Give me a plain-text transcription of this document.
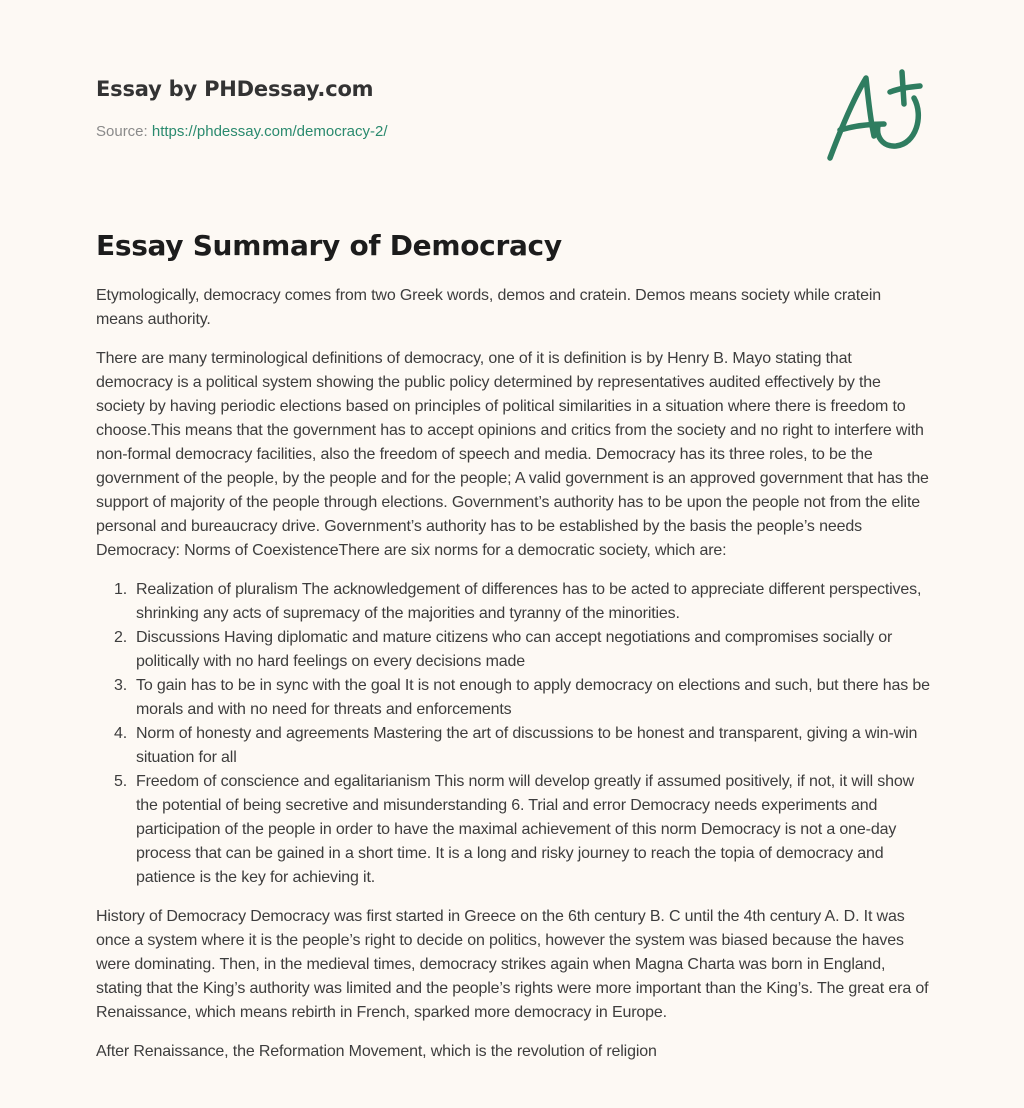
Essay by PHDessay.com
Source: https://phdessay.com/democracy-2/
Essay Summary of Democracy

Etymologically, democracy comes from two Greek words, demos and cratein. Demos means society while cratein means authority.

There are many terminological definitions of democracy, one of it is definition is by Henry B. Mayo stating that democracy is a political system showing the public policy determined by representatives audited effectively by the society by having periodic elections based on principles of political similarities in a situation where there is freedom to choose.This means that the government has to accept opinions and critics from the society and no right to interfere with non-formal democracy facilities, also the freedom of speech and media. Democracy has its three roles, to be the government of the people, by the people and for the people; A valid government is an approved government that has the support of majority of the people through elections. Government’s authority has to be upon the people not from the elite personal and bureaucracy drive. Government’s authority has to be established by the basis the people’s needs Democracy: Norms of CoexistenceThere are six norms for a democratic society, which are:

1. Realization of pluralism The acknowledgement of differences has to be acted to appreciate different perspectives, shrinking any acts of supremacy of the majorities and tyranny of the minorities.
2. Discussions Having diplomatic and mature citizens who can accept negotiations and compromises socially or politically with no hard feelings on every decisions made
3. To gain has to be in sync with the goal It is not enough to apply democracy on elections and such, but there has be morals and with no need for threats and enforcements
4. Norm of honesty and agreements Mastering the art of discussions to be honest and transparent, giving a win-win situation for all
5. Freedom of conscience and egalitarianism This norm will develop greatly if assumed positively, if not, it will show the potential of being secretive and misunderstanding 6. Trial and error Democracy needs experiments and participation of the people in order to have the maximal achievement of this norm Democracy is not a one-day process that can be gained in a short time. It is a long and risky journey to reach the topia of democracy and patience is the key for achieving it.

History of Democracy Democracy was first started in Greece on the 6th century B. C until the 4th century A. D. It was once a system where it is the people’s right to decide on politics, however the system was biased because the haves were dominating. Then, in the medieval times, democracy strikes again when Magna Charta was born in England, stating that the King’s authority was limited and the people’s rights were more important than the King’s. The great era of Renaissance, which means rebirth in French, sparked more democracy in Europe.

After Renaissance, the Reformation Movement, which is the revolution of religion
